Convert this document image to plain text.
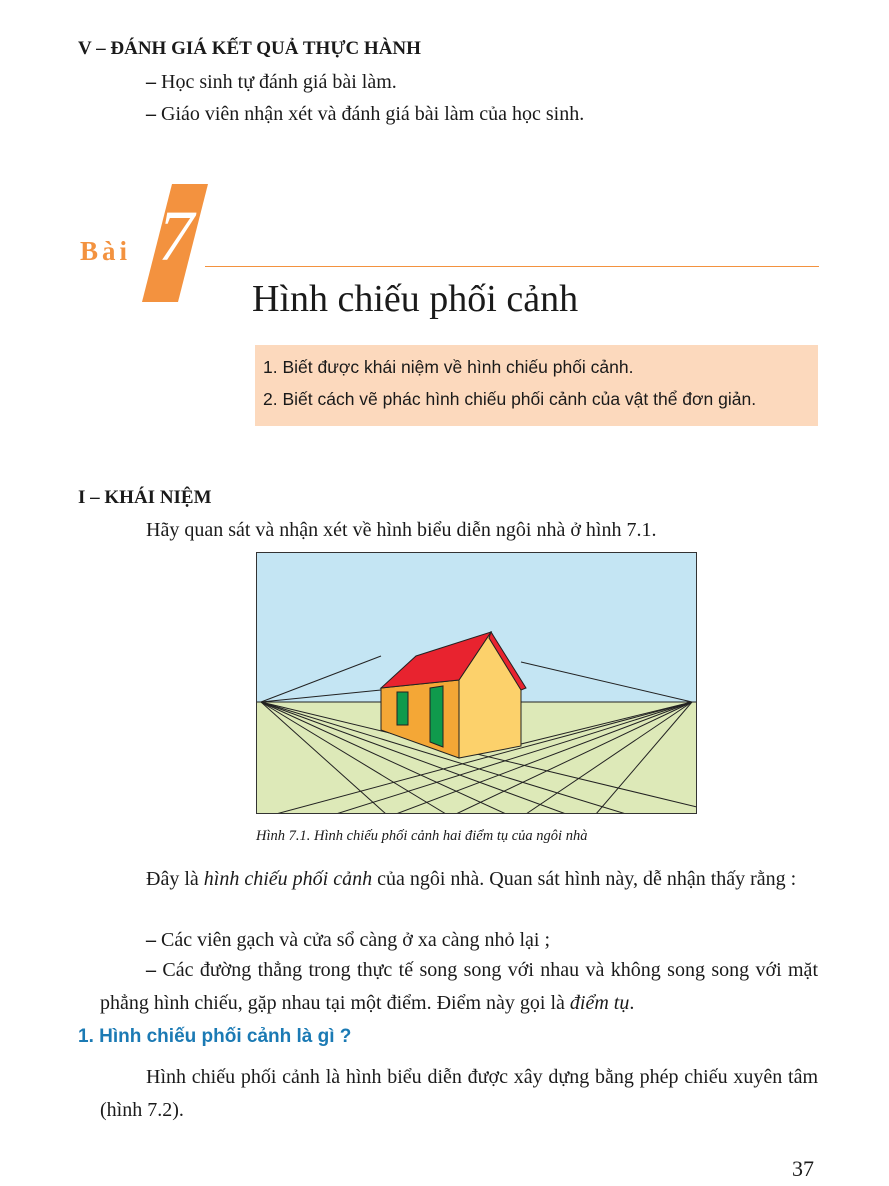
V – ĐÁNH GIÁ KẾT QUẢ THỰC HÀNH
– Học sinh tự đánh giá bài làm.
– Giáo viên nhận xét và đánh giá bài làm của học sinh.
Bài 7
Hình chiếu phối cảnh
1. Biết được khái niệm về hình chiếu phối cảnh.
2. Biết cách vẽ phác hình chiếu phối cảnh của vật thể đơn giản.
I – KHÁI NIỆM
Hãy quan sát và nhận xét về hình biểu diễn ngôi nhà ở hình 7.1.
Hình 7.1. Hình chiếu phối cảnh hai điểm tụ của ngôi nhà
Đây là hình chiếu phối cảnh của ngôi nhà. Quan sát hình này, dễ nhận thấy rằng :
– Các viên gạch và cửa sổ càng ở xa càng nhỏ lại ;
– Các đường thẳng trong thực tế song song với nhau và không song song với mặt phẳng hình chiếu, gặp nhau tại một điểm. Điểm này gọi là điểm tụ.
1. Hình chiếu phối cảnh là gì ?
Hình chiếu phối cảnh là hình biểu diễn được xây dựng bằng phép chiếu xuyên tâm (hình 7.2).
37
